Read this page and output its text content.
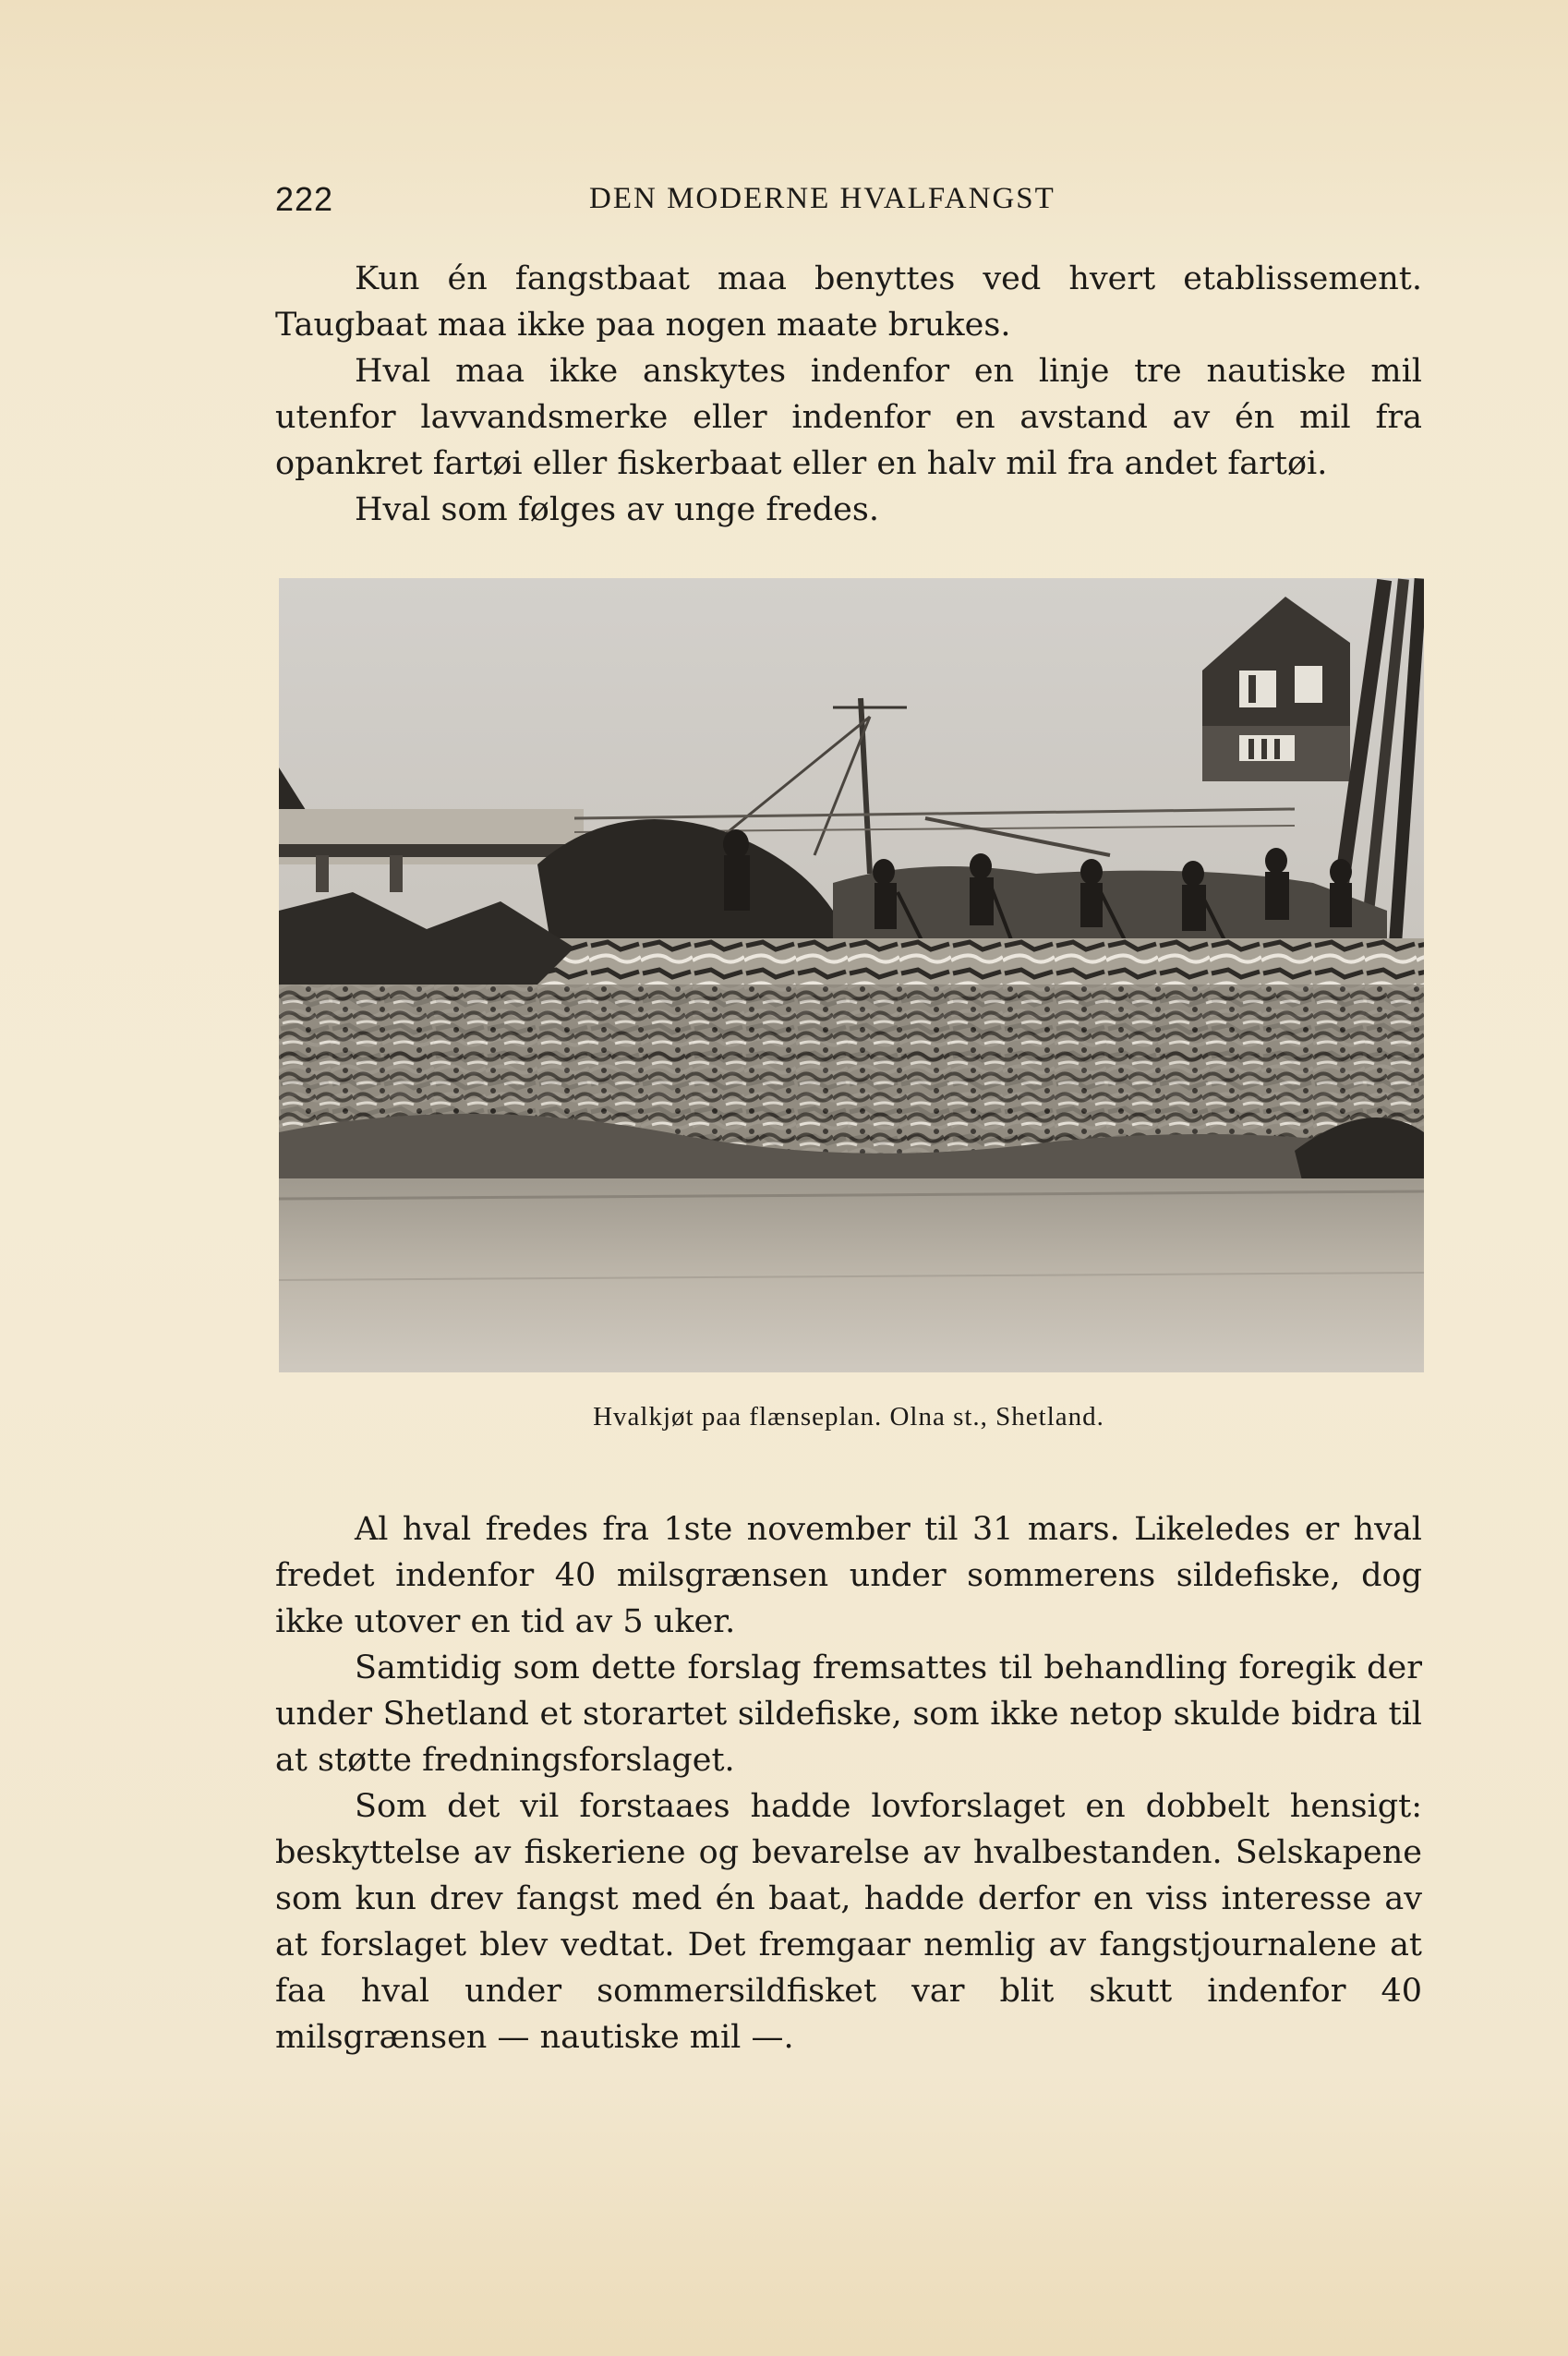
222	DEN MODERNE HVALFANGST

Kun én fangstbaat maa benyttes ved hvert etablissement. Taugbaat maa ikke paa nogen maate brukes.

Hval maa ikke anskytes indenfor en linje tre nautiske mil utenfor lavvandsmerke eller indenfor en avstand av én mil fra opankret fartøi eller fiskerbaat eller en halv mil fra andet fartøi.

Hval som følges av unge fredes.

Hvalkjøt paa flænseplan. Olna st., Shetland.

Al hval fredes fra 1ste november til 31 mars. Likeledes er hval fredet indenfor 40 milsgrænsen under sommerens sildefiske, dog ikke utover en tid av 5 uker.

Samtidig som dette forslag fremsattes til behandling foregik der under Shetland et storartet sildefiske, som ikke netop skulde bidra til at støtte fredningsforslaget.

Som det vil forstaaes hadde lovforslaget en dobbelt hensigt: beskyttelse av fiskeriene og bevarelse av hvalbestanden. Selskapene som kun drev fangst med én baat, hadde derfor en viss interesse av at forslaget blev vedtat. Det fremgaar nemlig av fangstjournalene at faa hval under sommersildfisket var blit skutt indenfor 40 milsgrænsen — nautiske mil —.
